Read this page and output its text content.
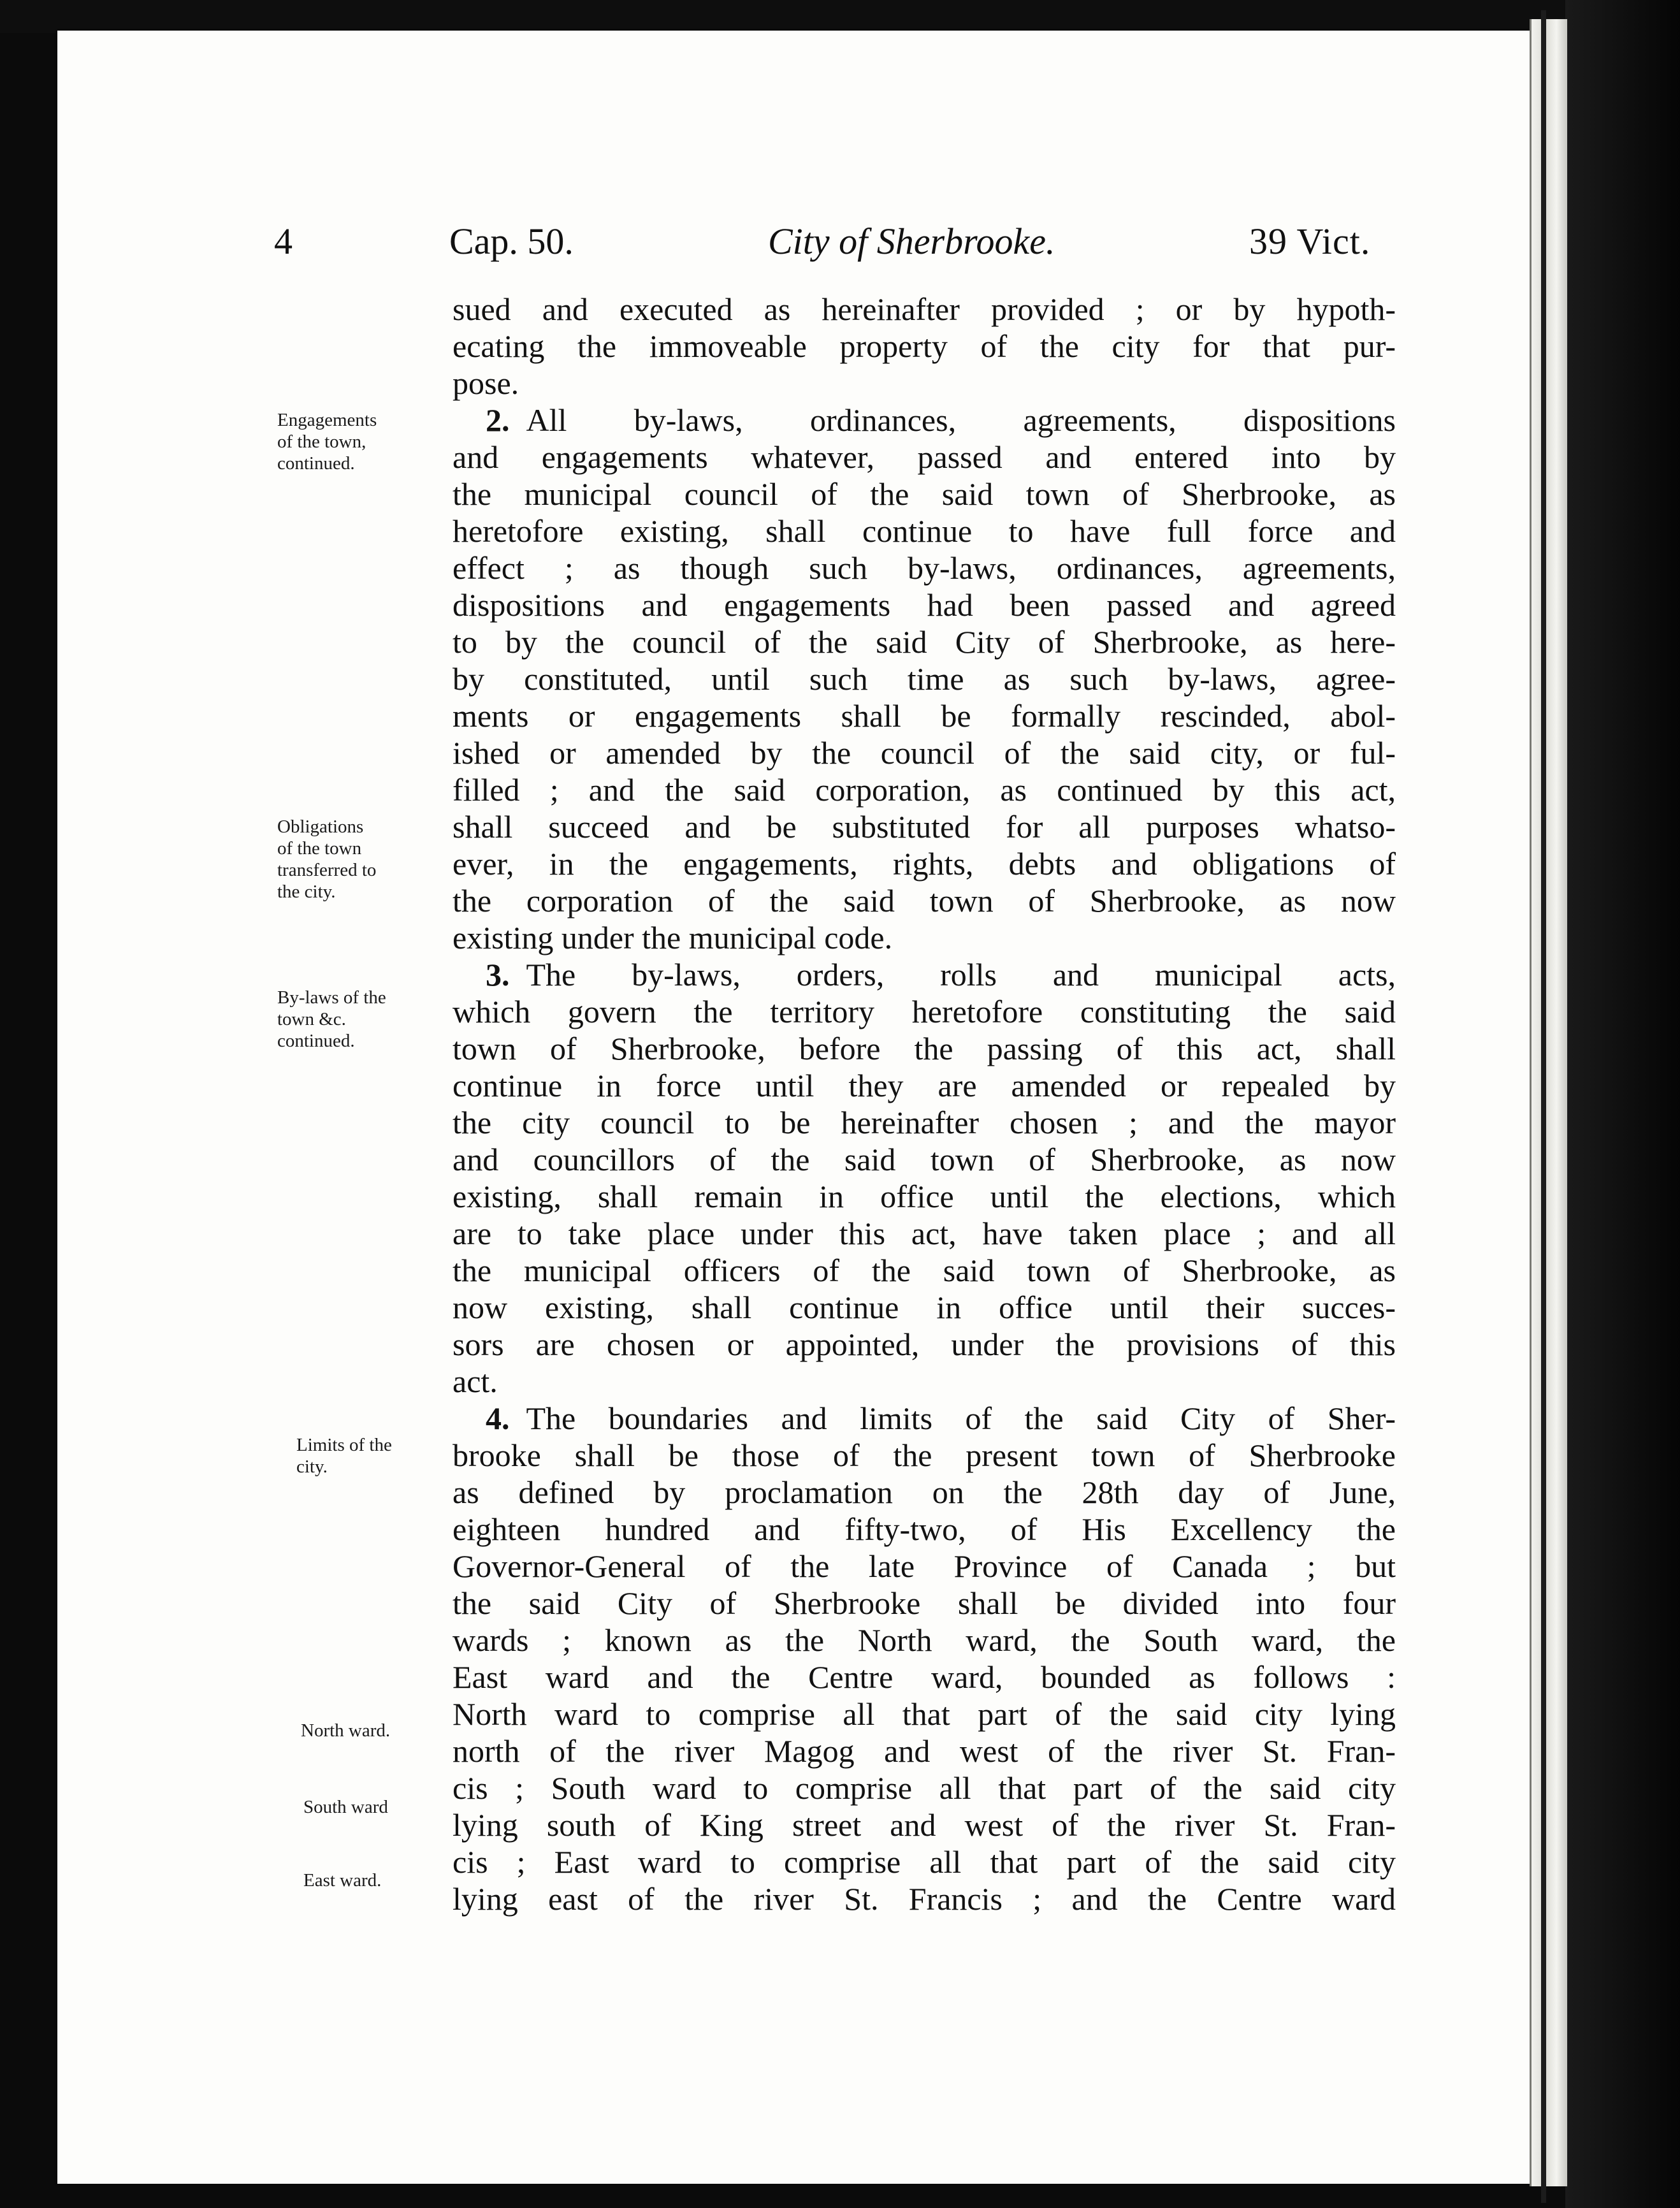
4	Cap. 50.	City of Sherbrooke.	39 Vict.
Engagements
of the town,
continued.
Obligations
of the town
transferred to
the city.
By-laws of the
town &c.
continued.
Limits of the
city.
North ward.
South ward
East ward.
sued and executed as hereinafter provided ; or by hypoth-
ecating the immoveable property of the city for that pur-
pose.
2. All by-laws, ordinances, agreements, dispositions
and engagements whatever, passed and entered into by
the municipal council of the said town of Sherbrooke, as
heretofore existing, shall continue to have full force and
effect ; as though such by-laws, ordinances, agreements,
dispositions and engagements had been passed and agreed
to by the council of the said City of Sherbrooke, as here-
by constituted, until such time as such by-laws, agree-
ments or engagements shall be formally rescinded, abol-
ished or amended by the council of the said city, or ful-
filled ; and the said corporation, as continued by this act,
shall succeed and be substituted for all purposes whatso-
ever, in the engagements, rights, debts and obligations of
the corporation of the said town of Sherbrooke, as now
existing under the municipal code.
3. The by-laws, orders, rolls and municipal acts,
which govern the territory heretofore constituting the said
town of Sherbrooke, before the passing of this act, shall
continue in force until they are amended or repealed by
the city council to be hereinafter chosen ; and the mayor
and councillors of the said town of Sherbrooke, as now
existing, shall remain in office until the elections, which
are to take place under this act, have taken place ; and all
the municipal officers of the said town of Sherbrooke, as
now existing, shall continue in office until their succes-
sors are chosen or appointed, under the provisions of this
act.
4. The boundaries and limits of the said City of Sher-
brooke shall be those of the present town of Sherbrooke
as defined by proclamation on the 28th day of June,
eighteen hundred and fifty-two, of His Excellency the
Governor-General of the late Province of Canada ; but
the said City of Sherbrooke shall be divided into four
wards ; known as the North ward, the South ward, the
East ward and the Centre ward, bounded as follows :
North ward to comprise all that part of the said city lying
north of the river Magog and west of the river St. Fran-
cis ; South ward to comprise all that part of the said city
lying south of King street and west of the river St. Fran-
cis ; East ward to comprise all that part of the said city
lying east of the river St. Francis ; and the Centre ward
